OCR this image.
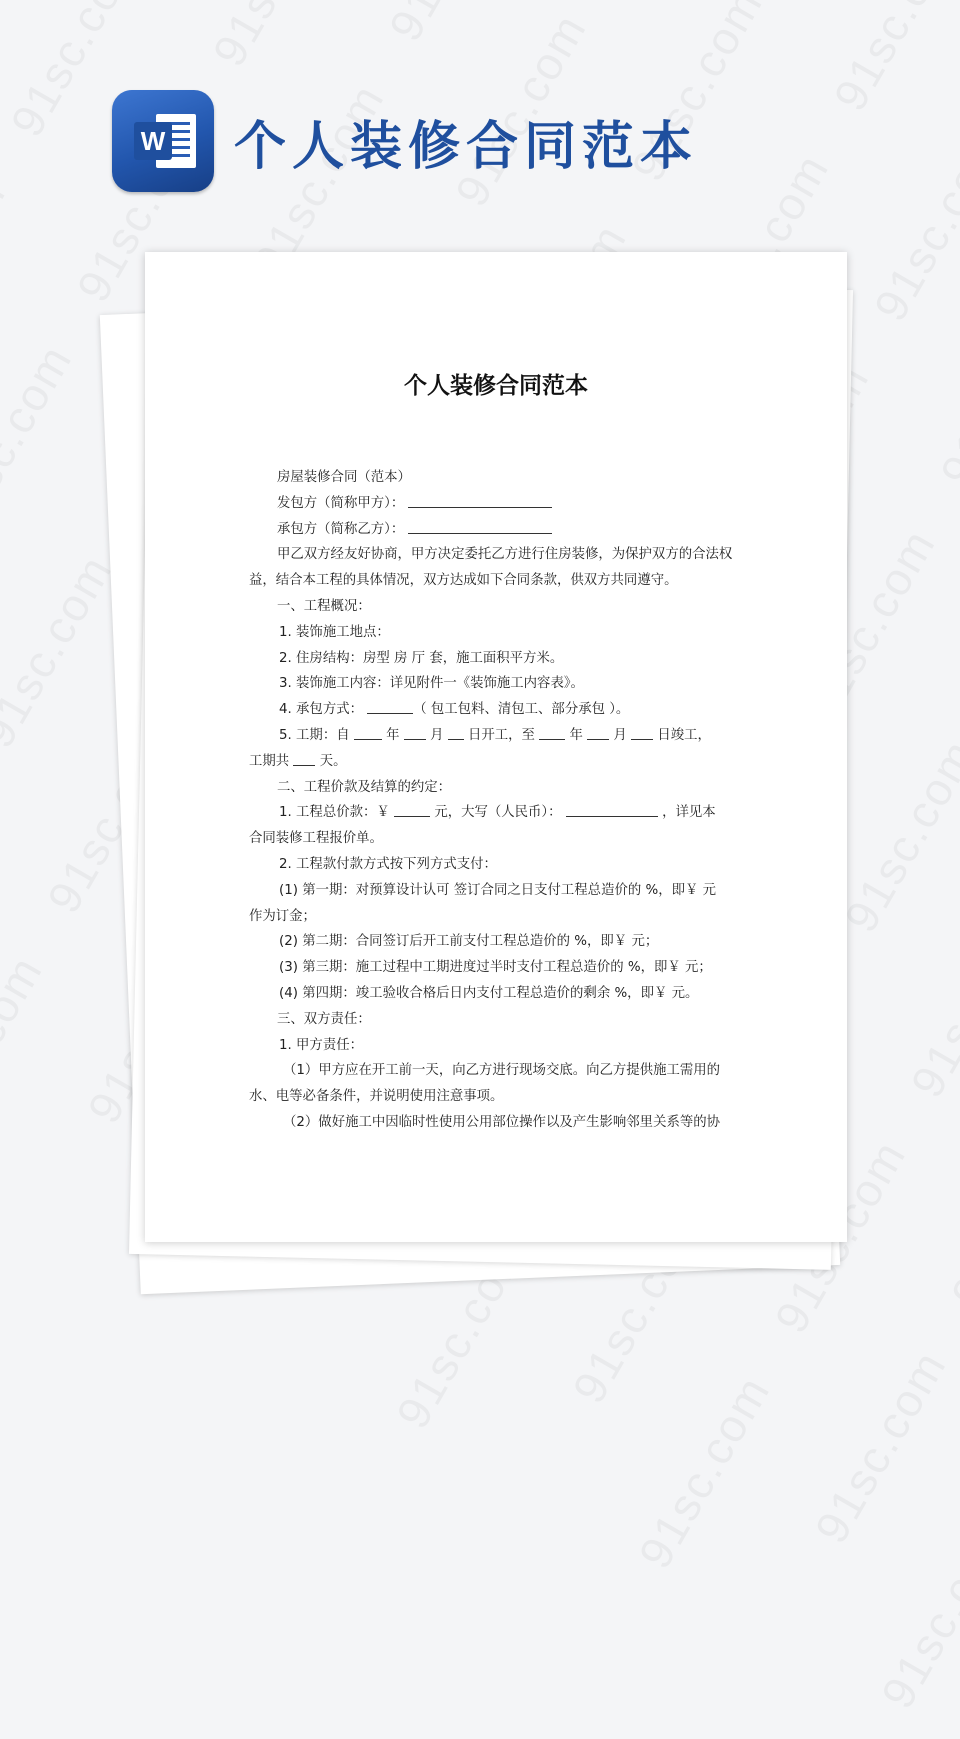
W 个人装修合同范本
个人装修合同范本
房屋装修合同（范本）
发包方（简称甲方）：
承包方（简称乙方）：
甲乙双方经友好协商，甲方决定委托乙方进行住房装修，为保护双方的合法权
益，结合本工程的具体情况，双方达成如下合同条款，供双方共同遵守。
一、工程概况：
1. 装饰施工地点：
2. 住房结构：房型 房 厅 套，施工面积平方米。
3. 装饰施工内容：详见附件一《装饰施工内容表》。
4. 承包方式：	（ 包工包料、清包工、部分承包 ）。
5. 工期：自	年 月 日开工，至	年 月 日竣工，
工期共 天。
二、工程价款及结算的约定：
1. 工程总价款：￥	元，大写（人民币）：	，详见本
合同装修工程报价单。
2. 工程款付款方式按下列方式支付：
(1) 第一期：对预算设计认可 签订合同之日支付工程总造价的 %，即￥ 元
作为订金；
(2) 第二期：合同签订后开工前支付工程总造价的 %，即￥ 元；
(3) 第三期：施工过程中工期进度过半时支付工程总造价的 %，即￥ 元；
(4) 第四期：竣工验收合格后日内支付工程总造价的剩余 %，即￥ 元。
三、双方责任：
1. 甲方责任：
（1）甲方应在开工前一天，向乙方进行现场交底。向乙方提供施工需用的
水、电等必备条件，并说明使用注意事项。
（2）做好施工中因临时性使用公用部位操作以及产生影响邻里关系等的协
